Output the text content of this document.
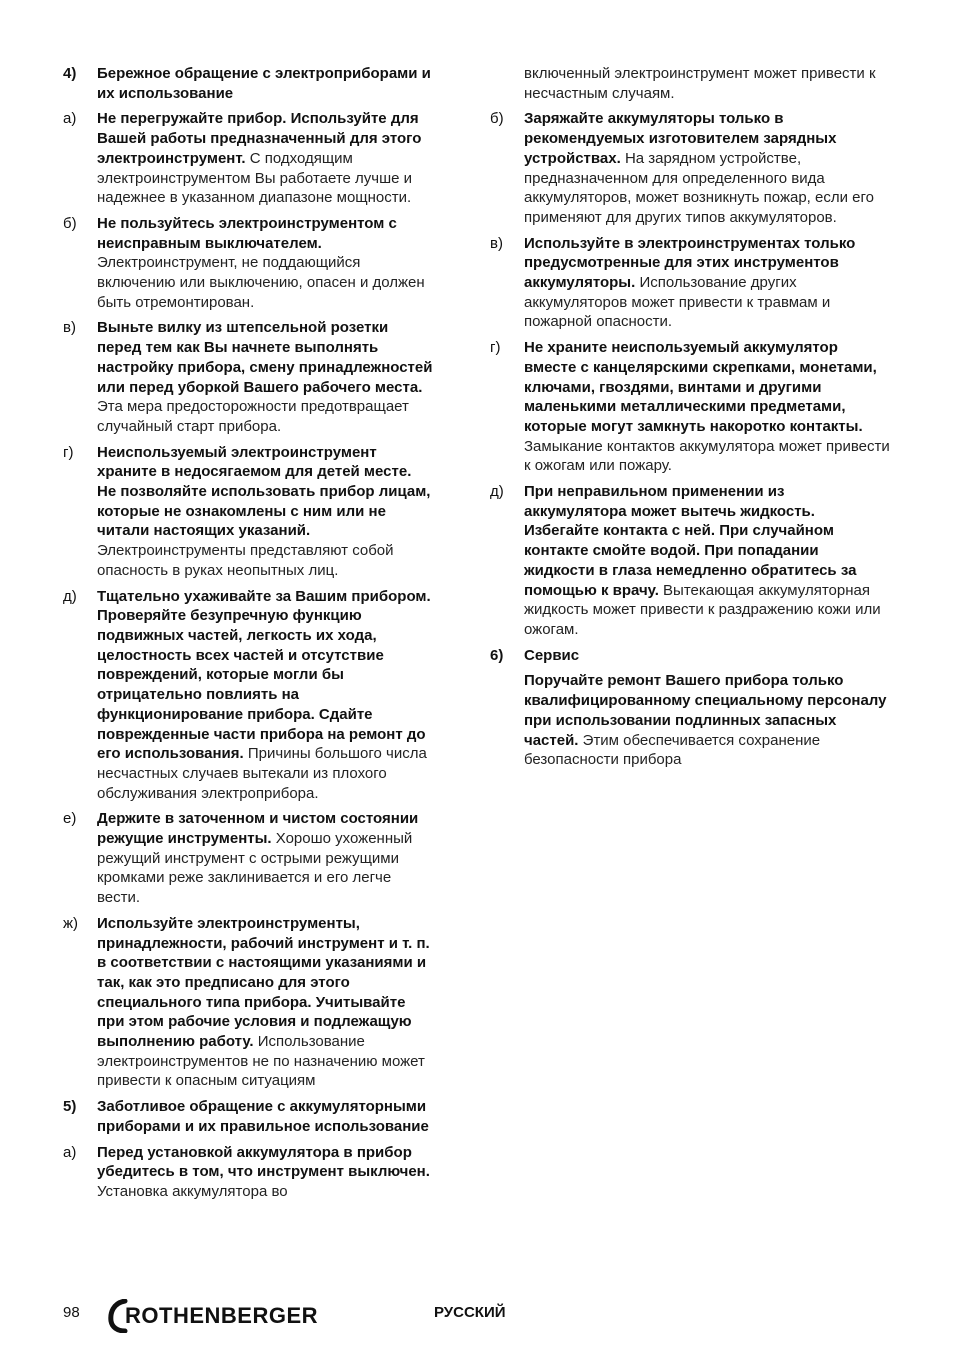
4)	Бережное обращение с электроприборами и их использование
а)	Не перегружайте прибор. Используйте для Вашей работы предназначенный для этого электроинструмент. С подходящим электроинструментом Вы работаете лучше и надежнее в указанном диапазоне мощности.
б)	Не пользуйтесь электроинструментом с неисправным выключателем. Электроинструмент, не поддающийся включению или выключению, опасен и должен быть отремонтирован.
в)	Выньте вилку из штепсельной розетки перед тем как Вы начнете выполнять настройку прибора, смену принадлежностей или перед уборкой Вашего рабочего места. Эта мера предосторожности предотвращает случайный старт прибора.
г)	Неиспользуемый электроинструмент храните в недосягаемом для детей месте. Не позволяйте использовать прибор лицам, которые не ознакомлены с ним или не читали настоящих указаний. Электроинструменты представляют собой опасность в руках неопытных лиц.
д)	Тщательно ухаживайте за Вашим прибором. Проверяйте безупречную функцию подвижных частей, легкость их хода, целостность всех частей и отсутствие повреждений, которые могли бы отрицательно повлиять на функционирование прибора. Сдайте поврежденные части прибора на ремонт до его использования. Причины большого числа несчастных случаев вытекали из плохого обслуживания электроприбора.
е)	Держите в заточенном и чистом состоянии режущие инструменты. Хорошо ухоженный режущий инструмент с острыми режущими кромками реже заклинивается и его легче вести.
ж)	Используйте электроинструменты, принадлежности, рабочий инструмент и т. п. в соответствии с настоящими указаниями и так, как это предписано для этого специального типа прибора. Учитывайте при этом рабочие условия и подлежащую выполнению работу. Использование электроинструментов не по назначению может привести к опасным ситуациям
5)	Заботливое обращение с аккумуляторными приборами и их правильное использование
а)	Перед установкой аккумулятора в прибор убедитесь в том, что инструмент выключен. Установка аккумулятора во
включенный электроинструмент может привести к несчастным случаям.
б)	Заряжайте аккумуляторы только в рекомендуемых изготовителем зарядных устройствах. На зарядном устройстве, предназначенном для определенного вида аккумуляторов, может возникнуть пожар, если его применяют для других типов аккумуляторов.
в)	Используйте в электроинструментах только предусмотренные для этих инструментов аккумуляторы. Использование других аккумуляторов может привести к травмам и пожарной опасности.
г)	Не храните неиспользуемый аккумулятор вместе с канцелярскими скрепками, монетами, ключами, гвоздями, винтами и другими маленькими металлическими предметами, которые могут замкнуть накоротко контакты. Замыкание контактов аккумулятора может привести к ожогам или пожару.
д)	При неправильном применении из аккумулятора может вытечь жидкость. Избегайте контакта с ней. При случайном контакте смойте водой. При попадании жидкости в глаза немедленно обратитесь за помощью к врачу. Вытекающая аккумуляторная жидкость может привести к раздражению кожи или ожогам.
6)	Сервис
Поручайте ремонт Вашего прибора только квалифицированному специальному персоналу при использовании подлинных запасных частей. Этим обеспечивается сохранение безопасности прибора
98 ROTHENBERGER	РУССКИЙ
